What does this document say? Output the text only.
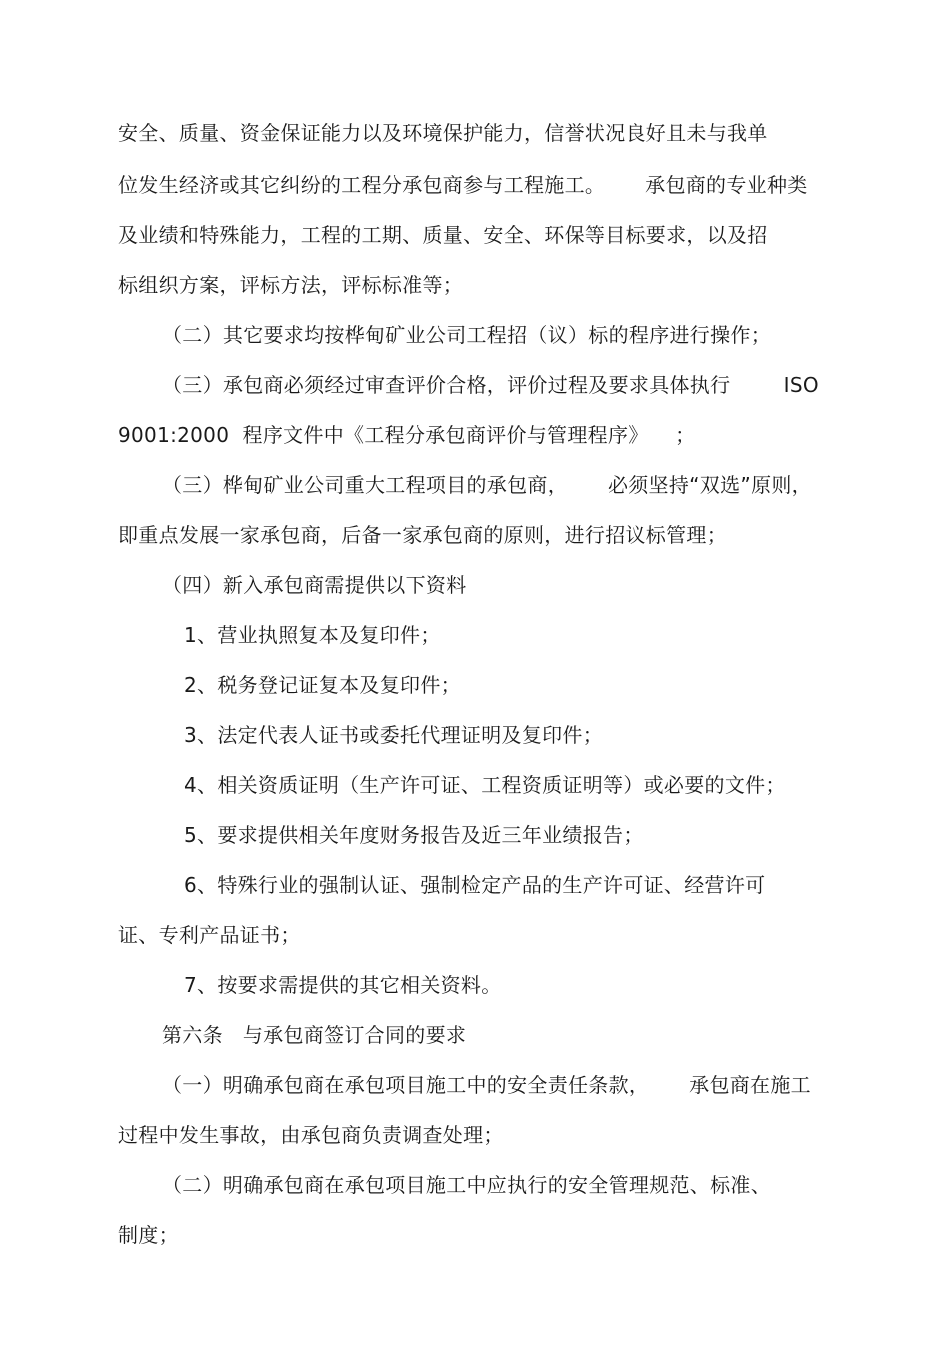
安全、质量、资金保证能力以及环境保护能力，信誉状况良好且未与我单
位发生经济或其它纠纷的工程分承包商参与工程施工。      承包商的专业种类
及业绩和特殊能力，工程的工期、质量、安全、环保等目标要求，以及招
标组织方案，评标方法，评标标准等；
（二）其它要求均按桦甸矿业公司工程招（议）标的程序进行操作；
（三）承包商必须经过审查评价合格，评价过程及要求具体执行        ISO
9001:2000  程序文件中《工程分承包商评价与管理程序》    ；
（三）桦甸矿业公司重大工程项目的承包商，      必须坚持“双选”原则，
即重点发展一家承包商，后备一家承包商的原则，进行招议标管理；
（四）新入承包商需提供以下资料
1、营业执照复本及复印件；
2、税务登记证复本及复印件；
3、法定代表人证书或委托代理证明及复印件；
4、相关资质证明（生产许可证、工程资质证明等）或必要的文件；
5、要求提供相关年度财务报告及近三年业绩报告；
6、特殊行业的强制认证、强制检定产品的生产许可证、经营许可
证、专利产品证书；
7、按要求需提供的其它相关资料。
第六条   与承包商签订合同的要求
（一）明确承包商在承包项目施工中的安全责任条款，      承包商在施工
过程中发生事故，由承包商负责调查处理；
（二）明确承包商在承包项目施工中应执行的安全管理规范、标准、
制度；
